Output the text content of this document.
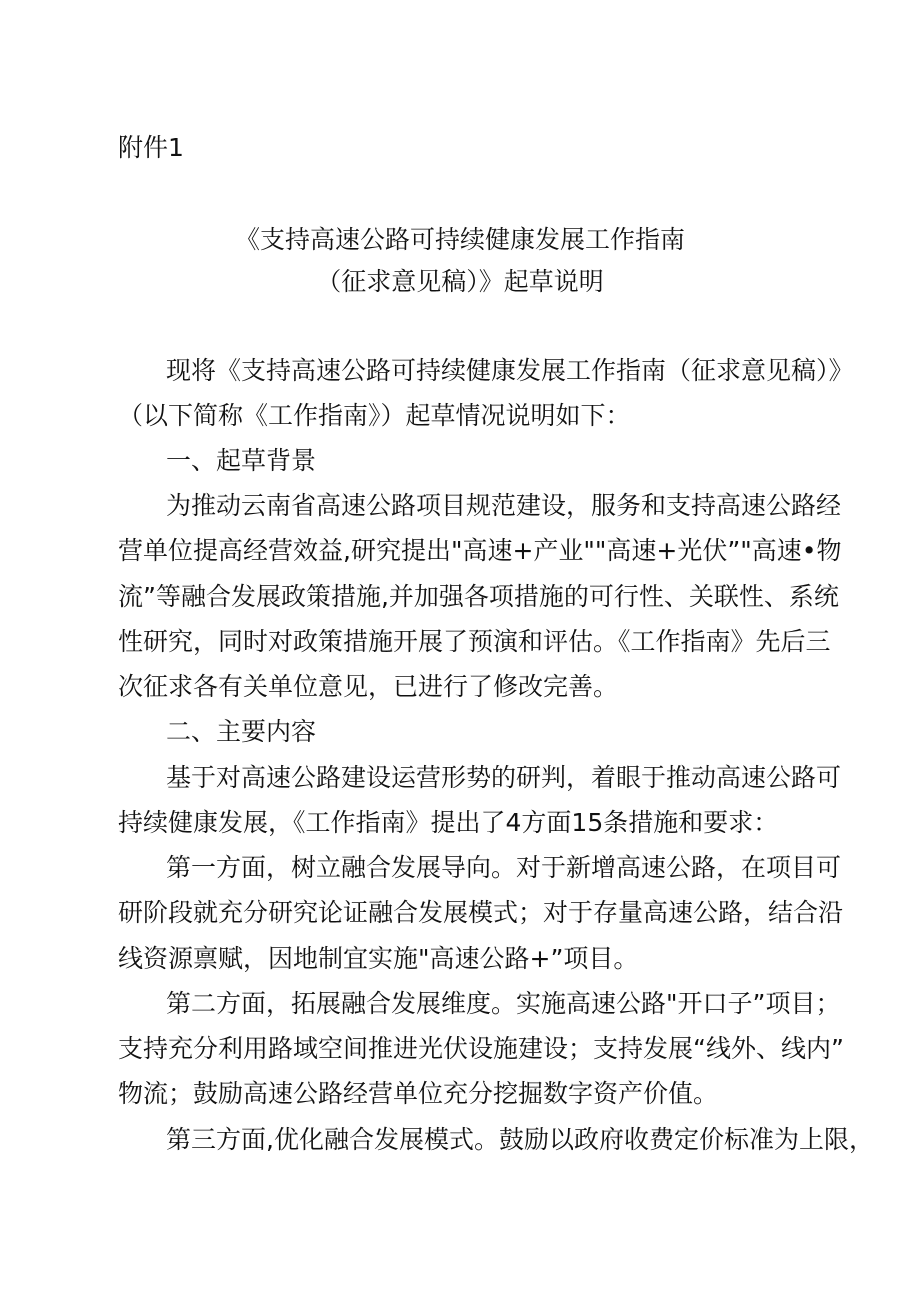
附件1
《支持高速公路可持续健康发展工作指南
（征求意见稿）》起草说明
现将《支持高速公路可持续健康发展工作指南（征求意见稿）》
（以下简称《工作指南》）起草情况说明如下：
一、起草背景
为推动云南省高速公路项目规范建设，服务和支持高速公路经
营单位提高经营效益,研究提出"高速+产业""高速+光伏”"高速•物
流”等融合发展政策措施,并加强各项措施的可行性、关联性、系统
性研究，同时对政策措施开展了预演和评估。《工作指南》先后三
次征求各有关单位意见，已进行了修改完善。
二、主要内容
基于对高速公路建设运营形势的研判，着眼于推动高速公路可
持续健康发展，《工作指南》提出了4方面15条措施和要求：
第一方面，树立融合发展导向。对于新增高速公路，在项目可
研阶段就充分研究论证融合发展模式；对于存量高速公路，结合沿
线资源禀赋，因地制宜实施"高速公路+”项目。
第二方面，拓展融合发展维度。实施高速公路"开口子”项目；
支持充分利用路域空间推进光伏设施建设；支持发展“线外、线内”
物流；鼓励高速公路经营单位充分挖掘数字资产价值。
第三方面,优化融合发展模式。鼓励以政府收费定价标准为上限，
